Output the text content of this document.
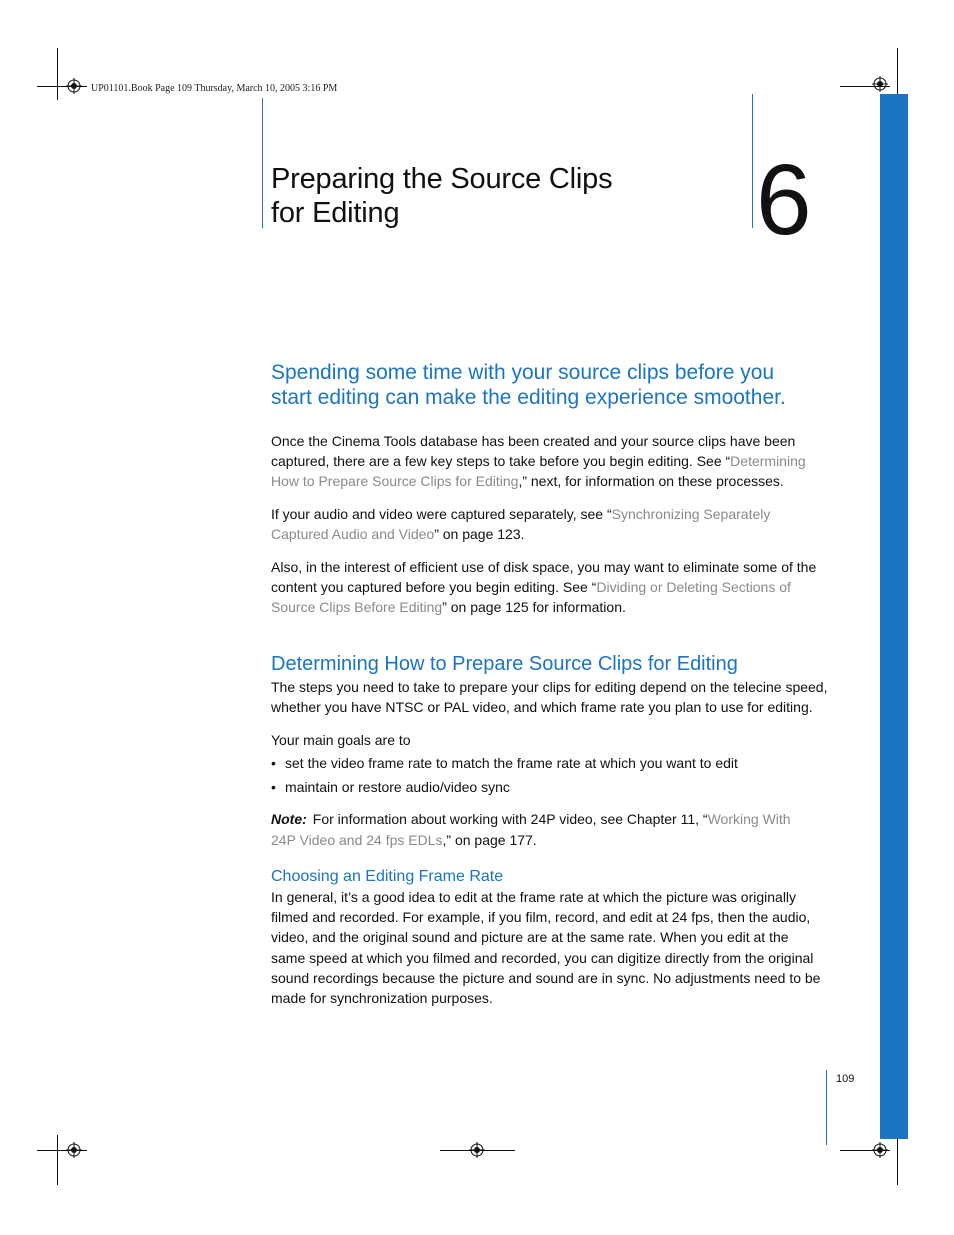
UP01101.Book Page 109 Thursday, March 10, 2005 3:16 PM
Preparing the Source Clips
for Editing	6
Spending some time with your source clips before you
start editing can make the editing experience smoother.

Once the Cinema Tools database has been created and your source clips have been captured, there are a few key steps to take before you begin editing. See “Determining How to Prepare Source Clips for Editing,” next, for information on these processes.

If your audio and video were captured separately, see “Synchronizing Separately Captured Audio and Video” on page 123.

Also, in the interest of efficient use of disk space, you may want to eliminate some of the content you captured before you begin editing. See “Dividing or Deleting Sections of Source Clips Before Editing” on page 125 for information.

Determining How to Prepare Source Clips for Editing

The steps you need to take to prepare your clips for editing depend on the telecine speed, whether you have NTSC or PAL video, and which frame rate you plan to use for editing.

Your main goals are to

• set the video frame rate to match the frame rate at which you want to edit
• maintain or restore audio/video sync

Note: For information about working with 24P video, see Chapter 11, “Working With 24P Video and 24 fps EDLs,” on page 177.

Choosing an Editing Frame Rate

In general, it’s a good idea to edit at the frame rate at which the picture was originally filmed and recorded. For example, if you film, record, and edit at 24 fps, then the audio, video, and the original sound and picture are at the same rate. When you edit at the same speed at which you filmed and recorded, you can digitize directly from the original sound recordings because the picture and sound are in sync. No adjustments need to be made for synchronization purposes.

109
